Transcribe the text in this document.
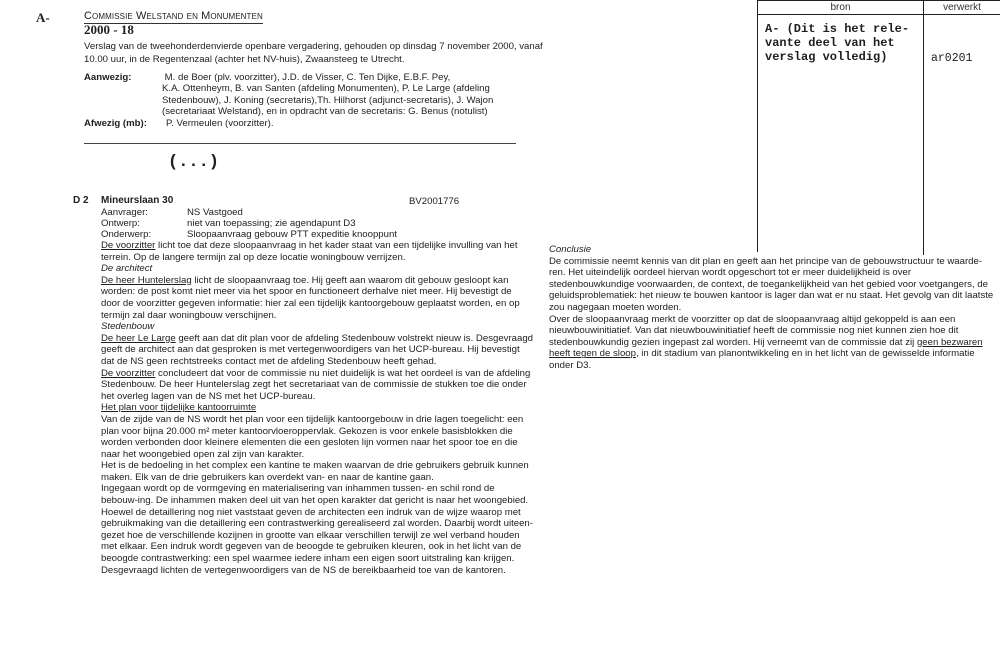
A-	Commissie Welstand en Monumenten
2000 - 18
Verslag van de tweehonderdenvierde openbare vergadering, gehouden op dinsdag 7 november 2000, vanaf 10.00 uur, in de Regentenzaal (achter het NV-huis), Zwaansteeg te Utrecht.
Aanwezig:	M. de Boer (plv. voorzitter), J.D. de Visser, C. Ten Dijke, E.B.F. Pey,
K.A. Ottenheym, B. van Santen (afdeling Monumenten), P. Le Large (afdeling
Stedenbouw), J. Koning (secretaris),Th. Hilhorst (adjunct-secretaris), J. Wajon
(secretariaat Welstand), en in opdracht van de secretaris: G. Benus (notulist)
Afwezig (mb): P. Vermeulen (voorzitter).
(...)
D 2 Mineurslaan 30	BV2001776
Aanvrager:	NS Vastgoed
Ontwerp:	niet van toepassing; zie agendapunt D3
Onderwerp:	Sloopaanvraag gebouw PTT expeditie knooppunt

De voorzitter licht toe dat deze sloopaanvraag in het kader staat van een tijdelijke invulling van het terrein. Op de langere termijn zal op deze locatie woningbouw verrijzen.

De architect

De heer Huntelerslag licht de sloopaanvraag toe. Hij geeft aan waarom dit gebouw gesloopt kan worden: de post komt niet meer via het spoor en functioneert derhalve niet meer. Hij bevestigt de door de voorzitter gegeven informatie: hier zal een tijdelijk kantoorgebouw geplaatst worden, en op termijn zal daar woningbouw verschijnen.

Stedenbouw

De heer Le Large geeft aan dat dit plan voor de afdeling Stedenbouw volstrekt nieuw is. Desgevraagd geeft de architect aan dat gesproken is met vertegenwoordigers van het UCP-bureau. Hij bevestigt dat de NS geen rechtstreeks contact met de afdeling Stedenbouw heeft gehad.

De voorzitter concludeert dat voor de commissie nu niet duidelijk is wat het oordeel is van de afdeling Stedenbouw. De heer Huntelerslag zegt het secretariaat van de commissie de stukken toe die onder het overleg lagen van de NS met het UCP-bureau.

Het plan voor tijdelijke kantoorruimte

Van de zijde van de NS wordt het plan voor een tijdelijk kantoorgebouw in drie lagen toegelicht: een plan voor bijna 20.000 m² meter kantoorvloeroppervlak. Gekozen is voor enkele basisblokken die worden verbonden door kleinere elementen die een gesloten lijn vormen naar het spoor toe en die naar het woongebied open zal zijn van karakter.

Het is de bedoeling in het complex een kantine te maken waarvan de drie gebruikers gebruik kunnen maken. Elk van de drie gebruikers kan overdekt van- en naar de kantine gaan.

Ingegaan wordt op de vormgeving en materialisering van inhammen tussen- en schil rond de bebouw-ing. De inhammen maken deel uit van het open karakter dat gericht is naar het woongebied.

Hoewel de detaillering nog niet vaststaat geven de architecten een indruk van de wijze waarop met gebruikmaking van die detaillering een contrastwerking gerealiseerd zal worden. Daarbij wordt uiteen-gezet hoe de verschillende kozijnen in grootte van elkaar verschillen terwijl ze wel verband houden met elkaar. Een indruk wordt gegeven van de beoogde te gebruiken kleuren, ook in het licht van de beoogde contrastwerking: een spel waarmee iedere inham een eigen soort uitstraling kan krijgen.

Desgevraagd lichten de vertegenwoordigers van de NS de bereikbaarheid toe van de kantoren.

Conclusie

De commissie neemt kennis van dit plan en geeft aan het principe van de gebouwstructuur te waarde-ren. Het uiteindelijk oordeel hiervan wordt opgeschort tot er meer duidelijkheid is over stedenbouwkundige voorwaarden, de context, de toegankelijkheid van het gebied voor voetgangers, de geluidsproblematiek: het nieuw te bouwen kantoor is lager dan wat er nu staat. Het gevolg van dit laatste zou nagegaan moeten worden.

Over de sloopaanvraag merkt de voorzitter op dat de sloopaanvraag altijd gekoppeld is aan een nieuwbouwinitiatief. Van dat nieuwbouwinitiatief heeft de commissie nog niet kunnen zien hoe dit stedenbouwkundig gezien ingepast zal worden. Hij verneemt van de commissie dat zij geen bezwaren heeft tegen de sloop, in dit stadium van planontwikkeling en in het licht van de gewisselde informatie onder D3.

bron	verwerkt
A- (Dit is het rele-
vante deel van het
verslag volledig)	ar0201
